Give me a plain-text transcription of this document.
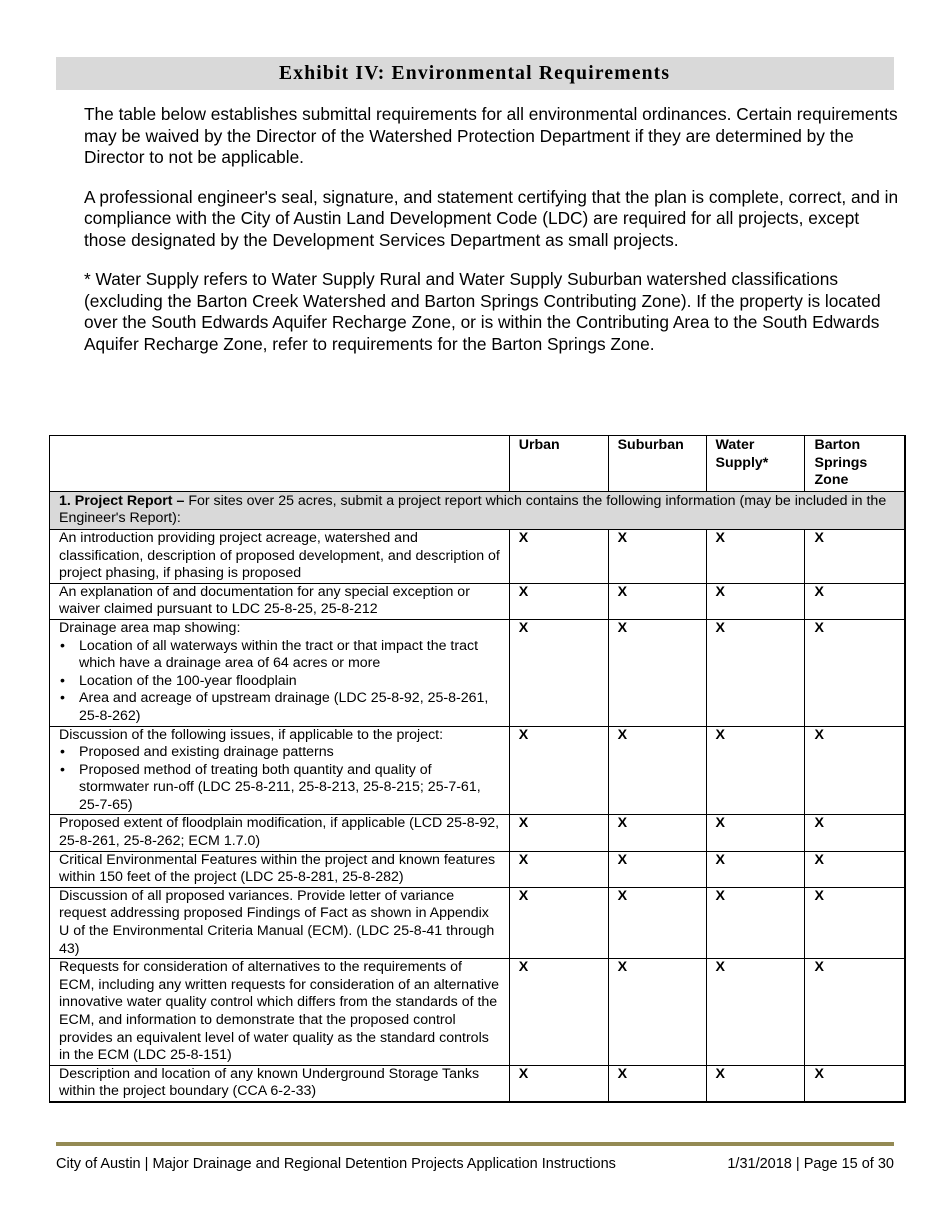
Exhibit IV: Environmental Requirements

The table below establishes submittal requirements for all environmental ordinances. Certain requirements may be waived by the Director of the Watershed Protection Department if they are determined by the Director to not be applicable.

A professional engineer's seal, signature, and statement certifying that the plan is complete, correct, and in compliance with the City of Austin Land Development Code (LDC) are required for all projects, except those designated by the Development Services Department as small projects.

* Water Supply refers to Water Supply Rural and Water Supply Suburban watershed classifications (excluding the Barton Creek Watershed and Barton Springs Contributing Zone). If the property is located over the South Edwards Aquifer Recharge Zone, or is within the Contributing Area to the South Edwards Aquifer Recharge Zone, refer to requirements for the Barton Springs Zone.

	Urban	Suburban	Water Supply*	Barton Springs Zone
1. Project Report – For sites over 25 acres, submit a project report which contains the following information (may be included in the Engineer's Report):				

An introduction providing project acreage, watershed and classification, description of proposed development, and description of project phasing, if phasing is proposed	X	X	X	X

An explanation of and documentation for any special exception or waiver claimed pursuant to LDC 25-8-25, 25-8-212	X	X	X	X

Drainage area map showing:
• Location of all waterways within the tract or that impact the tract which have a drainage area of 64 acres or more
• Location of the 100-year floodplain
• Area and acreage of upstream drainage (LDC 25-8-92, 25-8-261, 25-8-262)
	X	X	X	X

Discussion of the following issues, if applicable to the project:
• Proposed and existing drainage patterns
• Proposed method of treating both quantity and quality of stormwater run-off (LDC 25-8-211, 25-8-213, 25-8-215; 25-7-61, 25-7-65)
	X	X	X	X

Proposed extent of floodplain modification, if applicable (LCD 25-8-92, 25-8-261, 25-8-262; ECM 1.7.0)	X	X	X	X

Critical Environmental Features within the project and known features within 150 feet of the project (LDC 25-8-281, 25-8-282)	X	X	X	X

Discussion of all proposed variances. Provide letter of variance request addressing proposed Findings of Fact as shown in Appendix U of the Environmental Criteria Manual (ECM). (LDC 25-8-41 through 43)	X	X	X	X

Requests for consideration of alternatives to the requirements of ECM, including any written requests for consideration of an alternative innovative water quality control which differs from the standards of the ECM, and information to demonstrate that the proposed control provides an equivalent level of water quality as the standard controls in the ECM (LDC 25-8-151)	X	X	X	X

Description and location of any known Underground Storage Tanks within the project boundary (CCA 6-2-33)	X	X	X	X
City of Austin | Major Drainage and Regional Detention Projects Application Instructions	1/31/2018 | Page 15 of 30
